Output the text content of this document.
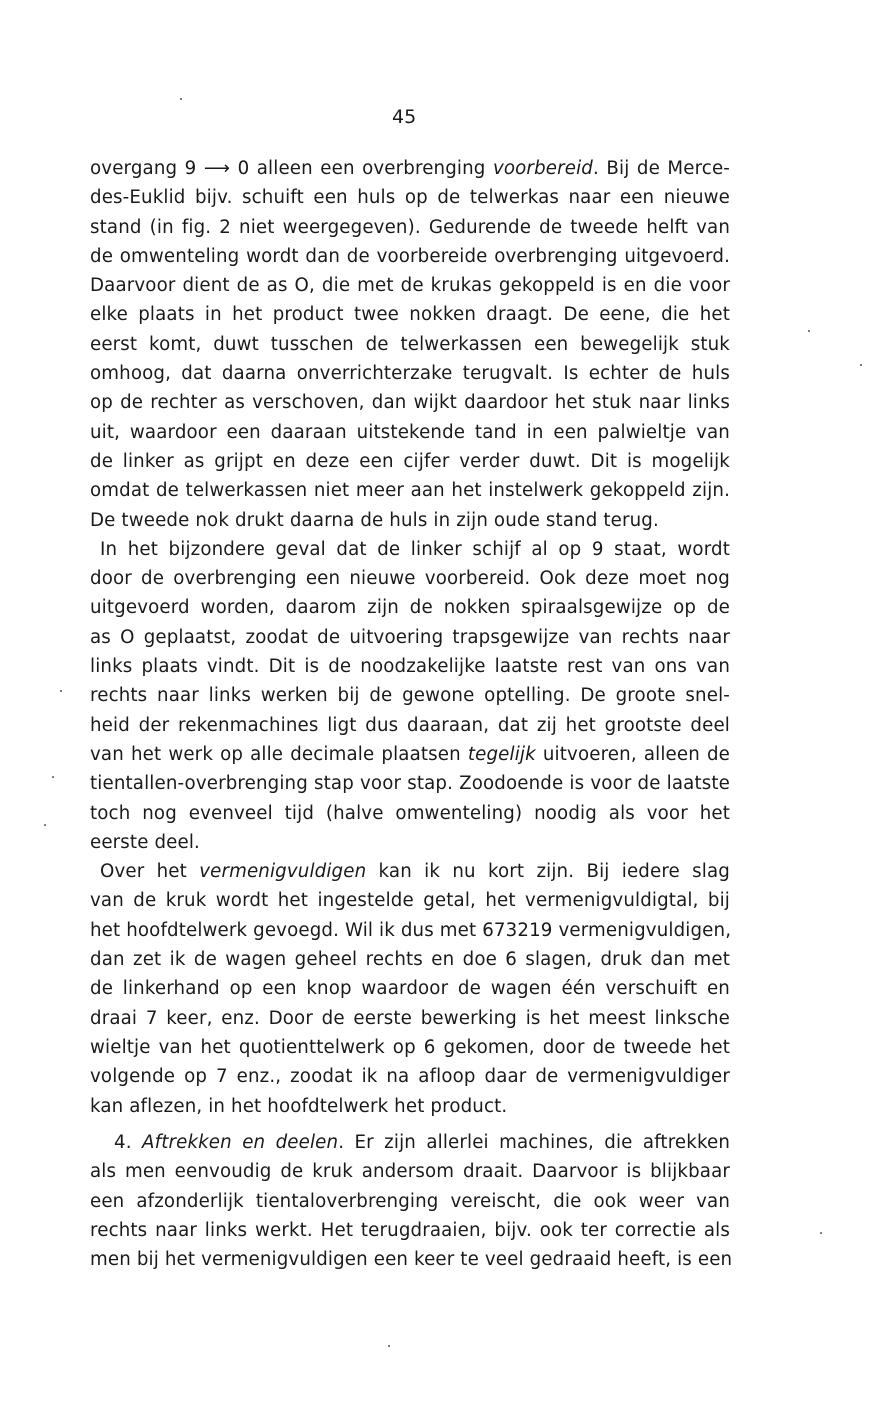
45
overgang 9 ⟶ 0 alleen een overbrenging voorbereid. Bij de Merce-
des-Euklid bijv. schuift een huls op de telwerkas naar een nieuwe
stand (in fig. 2 niet weergegeven). Gedurende de tweede helft van
de omwenteling wordt dan de voorbereide overbrenging uitgevoerd.
Daarvoor dient de as O, die met de krukas gekoppeld is en die voor
elke plaats in het product twee nokken draagt. De eene, die het
eerst komt, duwt tusschen de telwerkassen een bewegelijk stuk
omhoog, dat daarna onverrichterzake terugvalt. Is echter de huls
op de rechter as verschoven, dan wijkt daardoor het stuk naar links
uit, waardoor een daaraan uitstekende tand in een palwieltje van
de linker as grijpt en deze een cijfer verder duwt. Dit is mogelijk
omdat de telwerkassen niet meer aan het instelwerk gekoppeld zijn.
De tweede nok drukt daarna de huls in zijn oude stand terug.
In het bijzondere geval dat de linker schijf al op 9 staat, wordt
door de overbrenging een nieuwe voorbereid. Ook deze moet nog
uitgevoerd worden, daarom zijn de nokken spiraalsgewijze op de
as O geplaatst, zoodat de uitvoering trapsgewijze van rechts naar
links plaats vindt. Dit is de noodzakelijke laatste rest van ons van
rechts naar links werken bij de gewone optelling. De groote snel-
heid der rekenmachines ligt dus daaraan, dat zij het grootste deel
van het werk op alle decimale plaatsen tegelijk uitvoeren, alleen de
tientallen-overbrenging stap voor stap. Zoodoende is voor de laatste
toch nog evenveel tijd (halve omwenteling) noodig als voor het
eerste deel.
Over het vermenigvuldigen kan ik nu kort zijn. Bij iedere slag
van de kruk wordt het ingestelde getal, het vermenigvuldigtal, bij
het hoofdtelwerk gevoegd. Wil ik dus met 673219 vermenigvuldigen,
dan zet ik de wagen geheel rechts en doe 6 slagen, druk dan met
de linkerhand op een knop waardoor de wagen één verschuift en
draai 7 keer, enz. Door de eerste bewerking is het meest linksche
wieltje van het quotienttelwerk op 6 gekomen, door de tweede het
volgende op 7 enz., zoodat ik na afloop daar de vermenigvuldiger
kan aflezen, in het hoofdtelwerk het product.
4. Aftrekken en deelen. Er zijn allerlei machines, die aftrekken
als men eenvoudig de kruk andersom draait. Daarvoor is blijkbaar
een afzonderlijk tientaloverbrenging vereischt, die ook weer van
rechts naar links werkt. Het terugdraaien, bijv. ook ter correctie als
men bij het vermenigvuldigen een keer te veel gedraaid heeft, is een
